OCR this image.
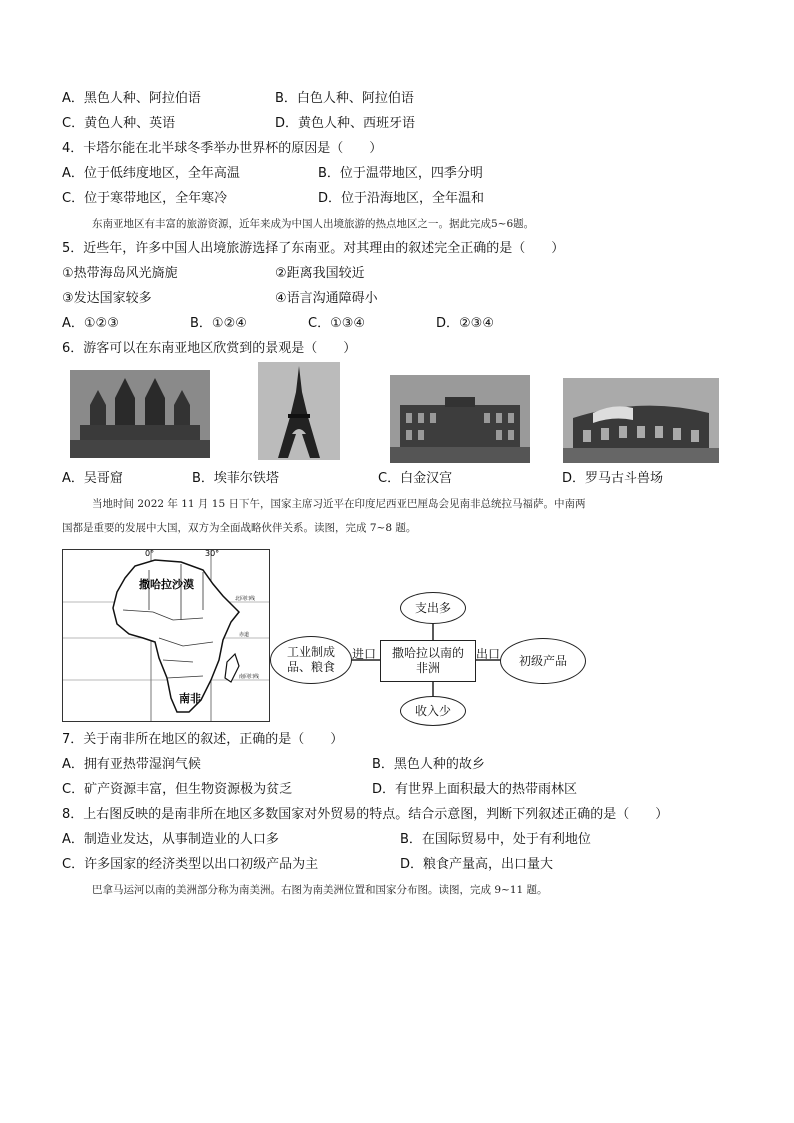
A．黑色人种、阿拉伯语	B．白色人种、阿拉伯语
C．黄色人种、英语	D．黄色人种、西班牙语
4．卡塔尔能在北半球冬季举办世界杯的原因是（　　）
A．位于低纬度地区，全年高温	B．位于温带地区，四季分明
C．位于寒带地区，全年寒冷	D．位于沿海地区，全年温和
东南亚地区有丰富的旅游资源，近年来成为中国人出境旅游的热点地区之一。据此完成5~6题。
5．近些年，许多中国人出境旅游选择了东南亚。对其理由的叙述完全正确的是（　　）
①热带海岛风光旖旎	②距离我国较近
③发达国家较多	④语言沟通障碍小
A．①②③	B．①②④	C．①③④	D．②③④
6．游客可以在东南亚地区欣赏到的景观是（　　）
A．吴哥窟	B．埃菲尔铁塔	C．白金汉宫	D．罗马古斗兽场
当地时间 2022 年 11 月 15 日下午，国家主席习近平在印度尼西亚巴厘岛会见南非总统拉马福萨。中南两
国都是重要的发展中大国，双方为全面战略伙伴关系。读图，完成 7~8 题。
0°	30°
撒哈拉沙漠
北回归线
赤道
南回归线
南非
支出多
收入少
撒哈拉以南的
非洲
工业制成
品、粮食	初级产品
进口	出口
7．关于南非所在地区的叙述，正确的是（　　）
A．拥有亚热带湿润气候	B．黑色人种的故乡
C．矿产资源丰富，但生物资源极为贫乏	D．有世界上面积最大的热带雨林区
8．上右图反映的是南非所在地区多数国家对外贸易的特点。结合示意图，判断下列叙述正确的是（　　）
A．制造业发达，从事制造业的人口多	B．在国际贸易中，处于有利地位
C．许多国家的经济类型以出口初级产品为主	D．粮食产量高，出口量大
巴拿马运河以南的美洲部分称为南美洲。右图为南美洲位置和国家分布图。读图，完成 9~11 题。
